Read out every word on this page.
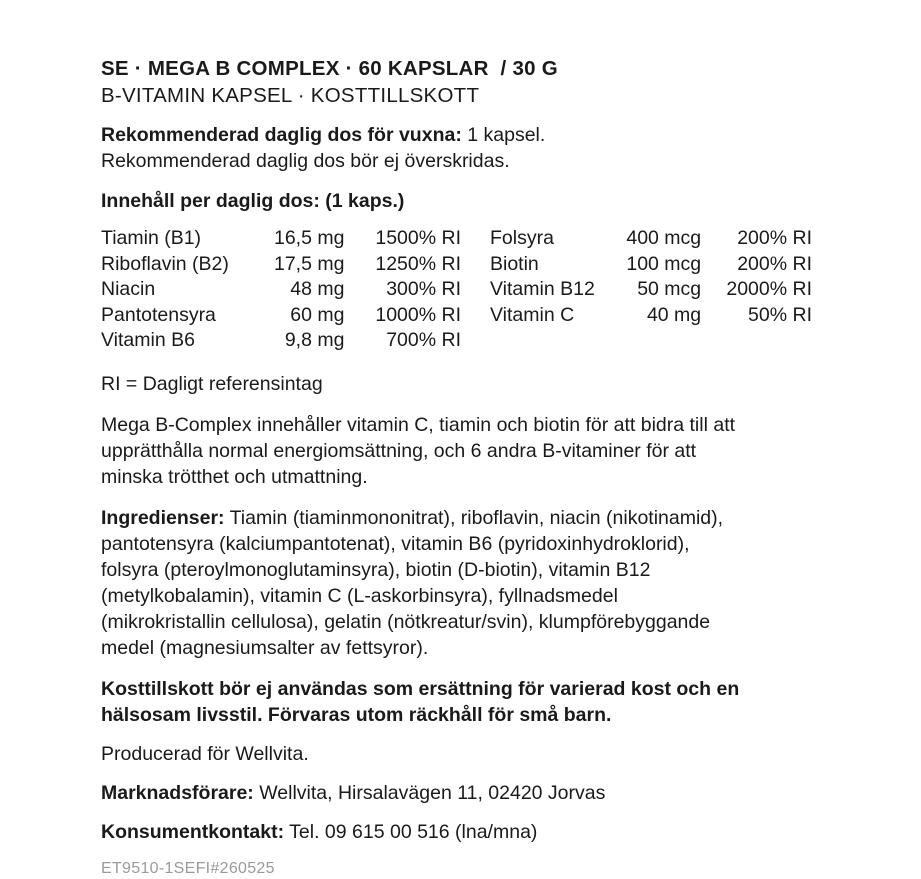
SE · MEGA B COMPLEX · 60 KAPSLAR  / 30 G
B-VITAMIN KAPSEL · KOSTTILLSKOTT
Rekommenderad daglig dos för vuxna: 1 kapsel.
Rekommenderad daglig dos bör ej överskridas.
Innehåll per daglig dos: (1 kaps.)
Tiamin (B1)	16,5 mg	1500% RI
Riboflavin (B2)	17,5 mg	1250% RI
Niacin	48 mg	300% RI
Pantotensyra	60 mg	1000% RI
Vitamin B6	9,8 mg	700% RI
Folsyra	400 mcg	200% RI
Biotin	100 mcg	200% RI
Vitamin B12	50 mcg	2000% RI
Vitamin C	40 mg	50% RI
RI = Dagligt referensintag
Mega B-Complex innehåller vitamin C, tiamin och biotin för att bidra till att upprätthålla normal energiomsättning, och 6 andra B-vitaminer för att minska trötthet och utmattning.
Ingredienser: Tiamin (tiaminmononitrat), riboflavin, niacin (nikotinamid), pantotensyra (kalciumpantotenat), vitamin B6 (pyridoxinhydroklorid), folsyra (pteroylmonoglutaminsyra), biotin (D-biotin), vitamin B12 (metylkobalamin), vitamin C (L-askorbinsyra), fyllnadsmedel (mikrokristallin cellulosa), gelatin (nötkreatur/svin), klumpförebyggande medel (magnesiumsalter av fettsyror).
Kosttillskott bör ej användas som ersättning för varierad kost och en hälsosam livsstil. Förvaras utom räckhåll för små barn.
Producerad för Wellvita.
Marknadsförare: Wellvita, Hirsalavägen 11, 02420 Jorvas
Konsumentkontakt: Tel. 09 615 00 516 (lna/mna)
ET9510-1SEFI#260525
